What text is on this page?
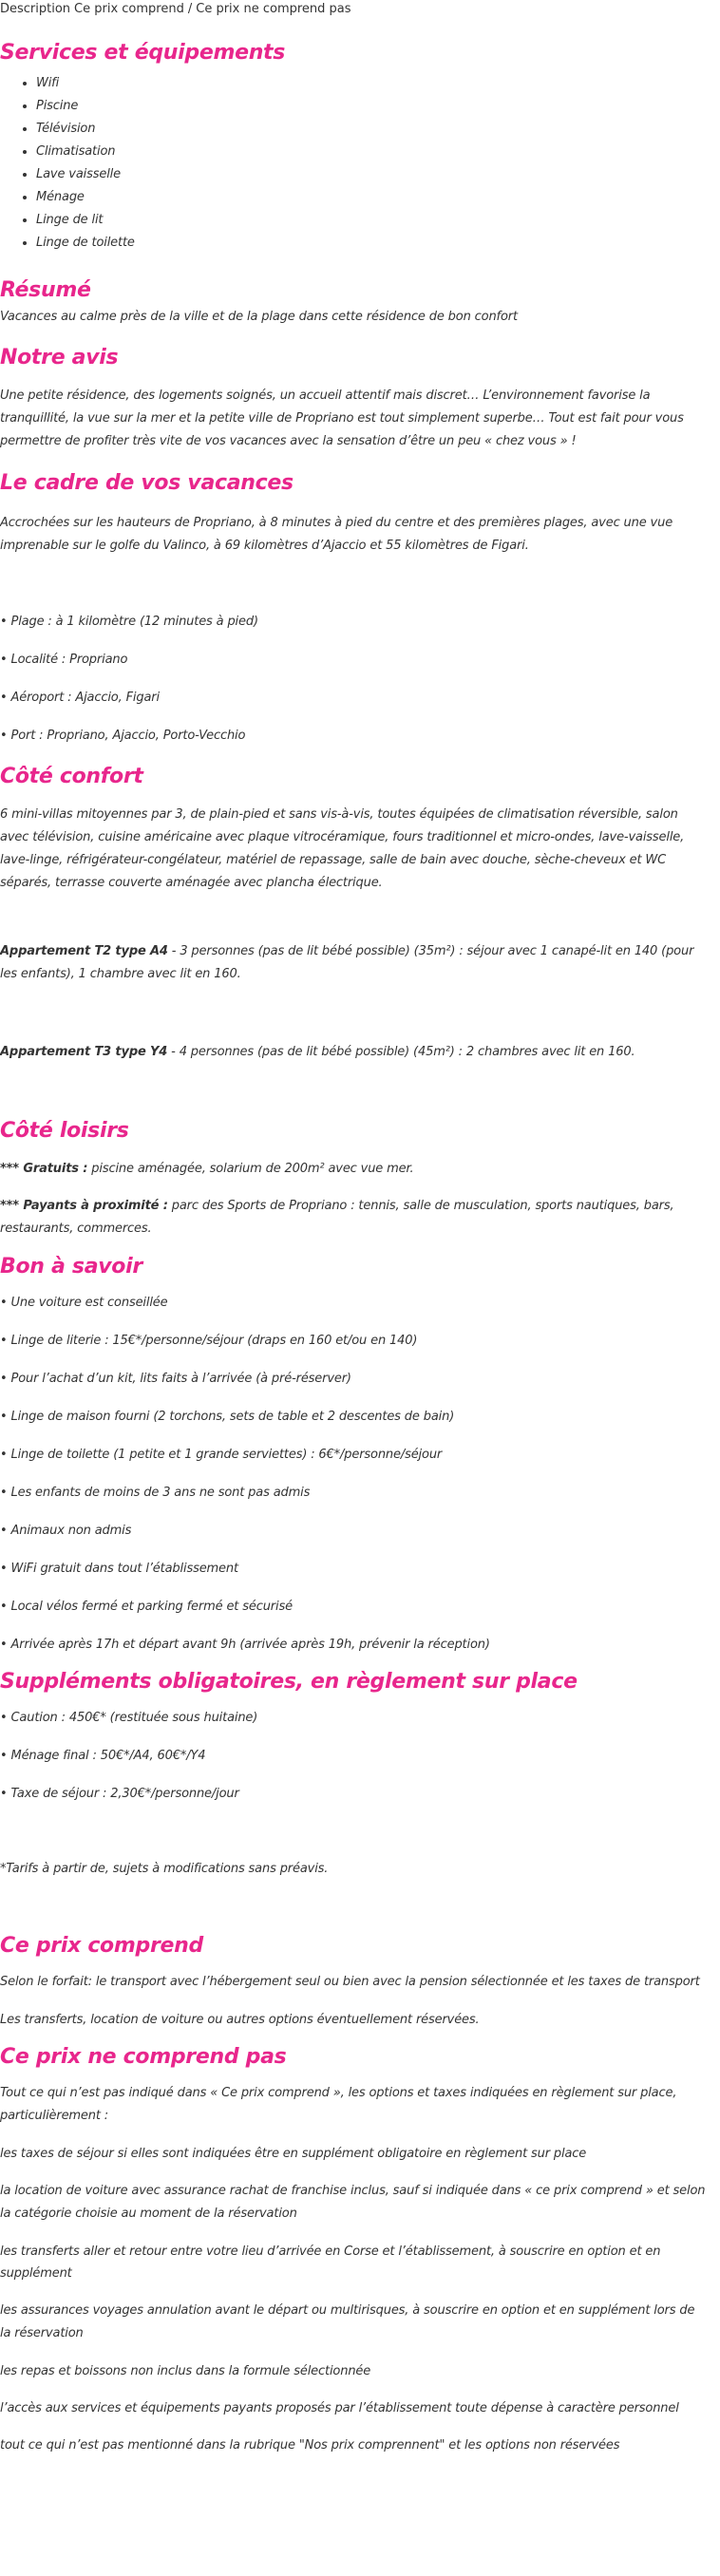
Description Ce prix comprend / Ce prix ne comprend pas
Services et équipements
• Wifi
• Piscine
• Télévision
• Climatisation
• Lave vaisselle
• Ménage
• Linge de lit
• Linge de toilette
Résumé

Vacances au calme près de la ville et de la plage dans cette résidence de bon confort

Notre avis

Une petite résidence, des logements soignés, un accueil attentif mais discret… L’environnement favorise la tranquillité, la vue sur la mer et la petite ville de Propriano est tout simplement superbe… Tout est fait pour vous permettre de profiter très vite de vos vacances avec la sensation d’être un peu « chez vous » !

Le cadre de vos vacances

Accrochées sur les hauteurs de Propriano, à 8 minutes à pied du centre et des premières plages, avec une vue imprenable sur le golfe du Valinco, à 69 kilomètres d’Ajaccio et 55 kilomètres de Figari.

• Plage : à 1 kilomètre (12 minutes à pied)

• Localité : Propriano

• Aéroport : Ajaccio, Figari

• Port : Propriano, Ajaccio, Porto-Vecchio

Côté confort

6 mini-villas mitoyennes par 3, de plain-pied et sans vis-à-vis, toutes équipées de climatisation réversible, salon avec télévision, cuisine américaine avec plaque vitrocéramique, fours traditionnel et micro-ondes, lave-vaisselle, lave-linge, réfrigérateur-congélateur, matériel de repassage, salle de bain avec douche, sèche-cheveux et WC séparés, terrasse couverte aménagée avec plancha électrique.

Appartement T2 type A4 - 3 personnes (pas de lit bébé possible) (35m²) : séjour avec 1 canapé-lit en 140 (pour les enfants), 1 chambre avec lit en 160.

Appartement T3 type Y4 - 4 personnes (pas de lit bébé possible) (45m²) : 2 chambres avec lit en 160.

Côté loisirs

*** Gratuits : piscine aménagée, solarium de 200m² avec vue mer.

*** Payants à proximité : parc des Sports de Propriano : tennis, salle de musculation, sports nautiques, bars, restaurants, commerces.

Bon à savoir

• Une voiture est conseillée

• Linge de literie : 15€*/personne/séjour (draps en 160 et/ou en 140)

• Pour l’achat d’un kit, lits faits à l’arrivée (à pré-réserver)

• Linge de maison fourni (2 torchons, sets de table et 2 descentes de bain)

• Linge de toilette (1 petite et 1 grande serviettes) : 6€*/personne/séjour

• Les enfants de moins de 3 ans ne sont pas admis

• Animaux non admis

• WiFi gratuit dans tout l’établissement

• Local vélos fermé et parking fermé et sécurisé

• Arrivée après 17h et départ avant 9h (arrivée après 19h, prévenir la réception)

Suppléments obligatoires, en règlement sur place

• Caution : 450€* (restituée sous huitaine)

• Ménage final : 50€*/A4, 60€*/Y4

• Taxe de séjour : 2,30€*/personne/jour

*Tarifs à partir de, sujets à modifications sans préavis.

Ce prix comprend

Selon le forfait: le transport avec l’hébergement seul ou bien avec la pension sélectionnée et les taxes de transport

Les transferts, location de voiture ou autres options éventuellement réservées.

Ce prix ne comprend pas

Tout ce qui n’est pas indiqué dans « Ce prix comprend », les options et taxes indiquées en règlement sur place, particulièrement :

les taxes de séjour si elles sont indiquées être en supplément obligatoire en règlement sur place

la location de voiture avec assurance rachat de franchise inclus, sauf si indiquée dans « ce prix comprend » et selon la catégorie choisie au moment de la réservation

les transferts aller et retour entre votre lieu d’arrivée en Corse et l’établissement, à souscrire en option et en supplément

les assurances voyages annulation avant le départ ou multirisques, à souscrire en option et en supplément lors de la réservation

les repas et boissons non inclus dans la formule sélectionnée

l’accès aux services et équipements payants proposés par l’établissement toute dépense à caractère personnel

tout ce qui n’est pas mentionné dans la rubrique "Nos prix comprennent" et les options non réservées
